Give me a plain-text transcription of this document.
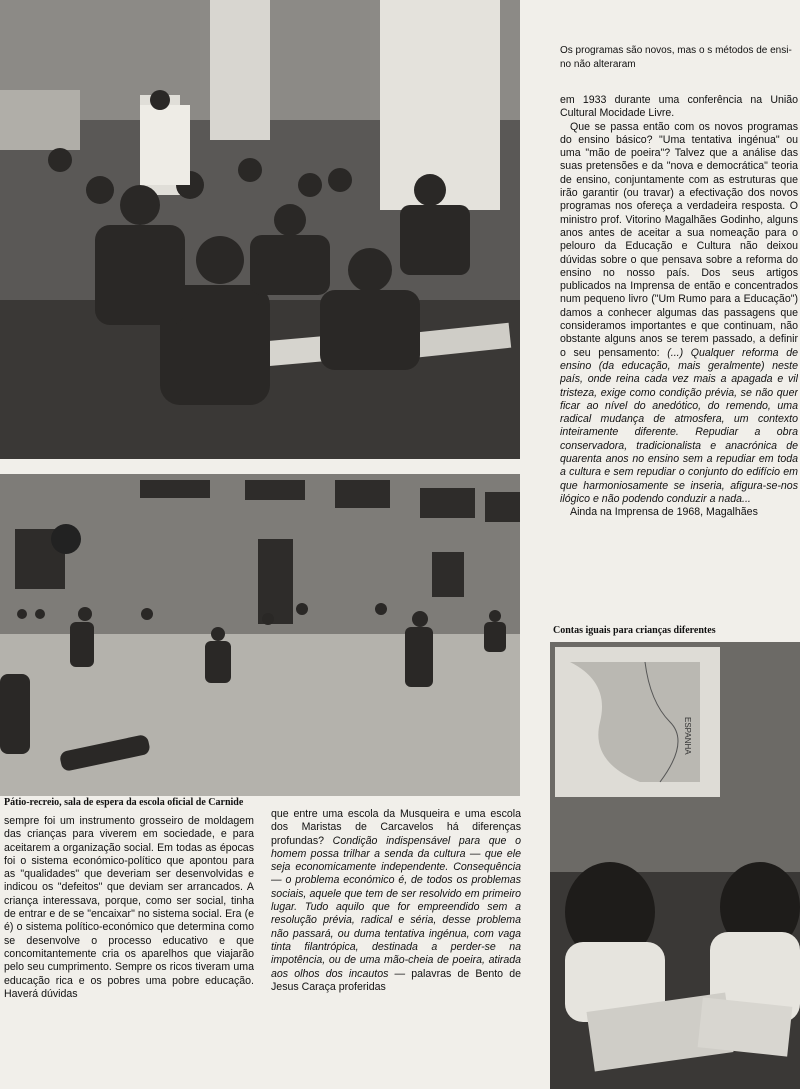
Os programas são novos, mas o s métodos de ensi-
no não alteraram

em 1933 durante uma conferência na União Cultural Mocidade Livre.

Que se passa então com os novos programas do ensino básico? "Uma tentativa ingénua" ou uma "mão de poeira"? Talvez que a análise das suas pretensões e da "nova e democrática" teoria de ensino, conjuntamente com as estruturas que irão garantir (ou travar) a efectivação dos novos programas nos ofereça a verdadeira resposta. O ministro prof. Vitorino Magalhães Godinho, alguns anos antes de aceitar a sua nomeação para o pelouro da Educação e Cultura não deixou dúvidas sobre o que pensava sobre a reforma do ensino no nosso país. Dos seus artigos publicados na Imprensa de então e concentrados num pequeno livro ("Um Rumo para a Educação") damos a conhecer algumas das passagens que consideramos importantes e que continuam, não obstante alguns anos se terem passado, a definir o seu pensamento: (...) Qualquer reforma de ensino (da educação, mais geralmente) neste país, onde reina cada vez mais a apagada e vil tristeza, exige como condição prévia, se não quer ficar ao nível do anedótico, do remendo, uma radical mudança de atmosfera, um contexto inteiramente diferente. Repudiar a obra conservadora, tradicionalista e anacrónica de quarenta anos no ensino sem a repudiar em toda a cultura e sem repudiar o conjunto do edifício em que harmoniosamente se inseria, afigura-se-nos ilógico e não podendo conduzir a nada...

Ainda na Imprensa de 1968, Magalhães

Pátio-recreio, sala de espera da escola oficial de Carnide

sempre foi um instrumento grosseiro de moldagem das crianças para viverem em sociedade, e para aceitarem a organização social. Em todas as épocas foi o sistema económico-político que apontou para as "qualidades" que deveriam ser desenvolvidas e indicou os "defeitos" que deviam ser arrancados. A criança interessava, porque, como ser social, tinha de entrar e de se "encaixar" no sistema social. Era (e é) o sistema político-económico que determina como se desenvolve o processo educativo e que concomitantemente cria os aparelhos que viajarão pelo seu cumprimento. Sempre os ricos tiveram uma educação rica e os pobres uma pobre educação. Haverá dúvidas

que entre uma escola da Musqueira e uma escola dos Maristas de Carcavelos há diferenças profundas? Condição indispensável para que o homem possa trilhar a senda da cultura — que ele seja economicamente independente. Consequência — o problema económico é, de todos os problemas sociais, aquele que tem de ser resolvido em primeiro lugar. Tudo aquilo que for empreendido sem a resolução prévia, radical e séria, desse problema não passará, ou duma tentativa ingénua, com vaga tinta filantrópica, destinada a perder-se na impotência, ou de uma mão-cheia de poeira, atirada aos olhos dos incautos — palavras de Bento de Jesus Caraça proferidas

Contas iguais para crianças diferentes
ESPANHA
